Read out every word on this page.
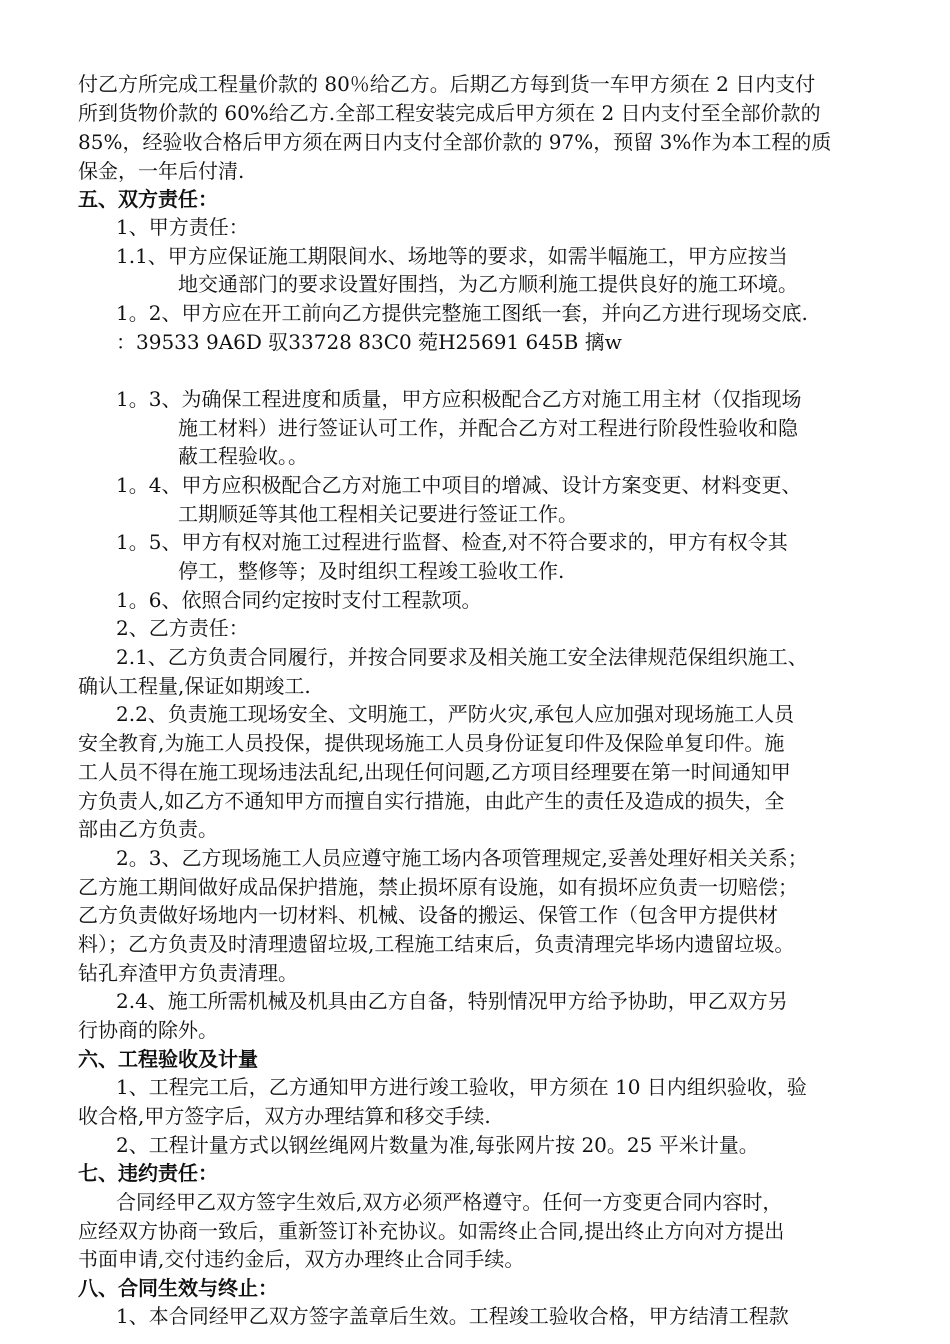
付乙方所完成工程量价款的 80％给乙方。后期乙方每到货一车甲方须在 2 日内支付
所到货物价款的 60%给乙方.全部工程安装完成后甲方须在 2 日内支付至全部价款的
85%，经验收合格后甲方须在两日内支付全部价款的 97%，预留 3%作为本工程的质
保金，一年后付清.
五、双方责任：
1、甲方责任：
1.1、甲方应保证施工期限间水、场地等的要求，如需半幅施工，甲方应按当
地交通部门的要求设置好围挡，为乙方顺利施工提供良好的施工环境。
1。2、甲方应在开工前向乙方提供完整施工图纸一套，并向乙方进行现场交底.
：39533 9A6D 驭33728 83C0 菀H25691 645B 摛w
1。3、为确保工程进度和质量，甲方应积极配合乙方对施工用主材（仅指现场
施工材料）进行签证认可工作，并配合乙方对工程进行阶段性验收和隐
蔽工程验收。。
1。4、甲方应积极配合乙方对施工中项目的增减、设计方案变更、材料变更、
工期顺延等其他工程相关记要进行签证工作。
1。5、甲方有权对施工过程进行监督、检查,对不符合要求的，甲方有权令其
停工，整修等；及时组织工程竣工验收工作.
1。6、依照合同约定按时支付工程款项。
2、乙方责任：
2.1、乙方负责合同履行，并按合同要求及相关施工安全法律规范保组织施工、
确认工程量,保证如期竣工.
2.2、负责施工现场安全、文明施工，严防火灾,承包人应加强对现场施工人员
安全教育,为施工人员投保，提供现场施工人员身份证复印件及保险单复印件。施
工人员不得在施工现场违法乱纪,出现任何问题,乙方项目经理要在第一时间通知甲
方负责人,如乙方不通知甲方而擅自实行措施，由此产生的责任及造成的损失，全
部由乙方负责。
2。3、乙方现场施工人员应遵守施工场内各项管理规定,妥善处理好相关关系；
乙方施工期间做好成品保护措施，禁止损坏原有设施，如有损坏应负责一切赔偿；
乙方负责做好场地内一切材料、机械、设备的搬运、保管工作（包含甲方提供材
料）；乙方负责及时清理遗留垃圾,工程施工结束后，负责清理完毕场内遗留垃圾。
钻孔弃渣甲方负责清理。
2.4、施工所需机械及机具由乙方自备，特别情况甲方给予协助，甲乙双方另
行协商的除外。
六、工程验收及计量
1、工程完工后，乙方通知甲方进行竣工验收，甲方须在 10 日内组织验收，验
收合格,甲方签字后，双方办理结算和移交手续.
2、工程计量方式以钢丝绳网片数量为准,每张网片按 20。25 平米计量。
七、违约责任：
合同经甲乙双方签字生效后,双方必须严格遵守。任何一方变更合同内容时，
应经双方协商一致后，重新签订补充协议。如需终止合同,提出终止方向对方提出
书面申请,交付违约金后，双方办理终止合同手续。
八、合同生效与终止：
1、本合同经甲乙双方签字盖章后生效。工程竣工验收合格，甲方结清工程款
